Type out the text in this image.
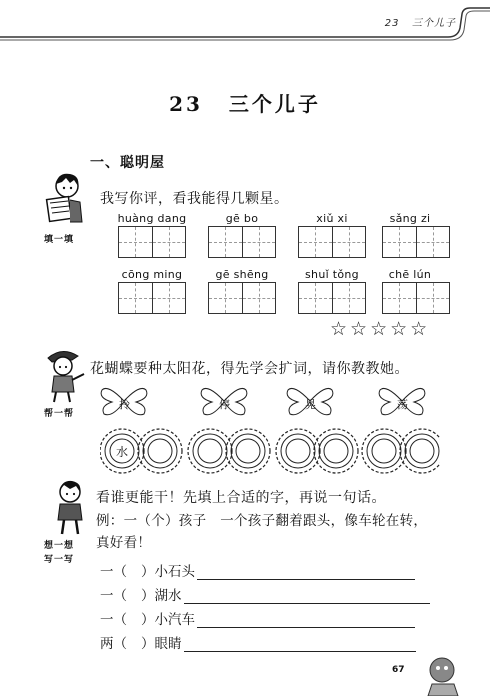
23 三个儿子
23 三个儿子
一、聪明屋
填一填
我写你评，看我能得几颗星。
huàng dang	gē bo	xiǔ xi	sǎng zi
cōng ming	gē shēng	shuǐ tǒng	chē lún
☆☆☆☆☆
帮一帮
花蝴蝶要种太阳花，得先学会扩词，请你教教她。
拎	停	晃	荡
水
想一想
写一写
看谁更能干！先填上合适的字，再说一句话。
例：一（个）孩子　一个孩子翻着跟头，像车轮在转，
真好看！
一（ ）小石头
一（ ）湖水
一（ ）小汽车
两（ ）眼睛
67
